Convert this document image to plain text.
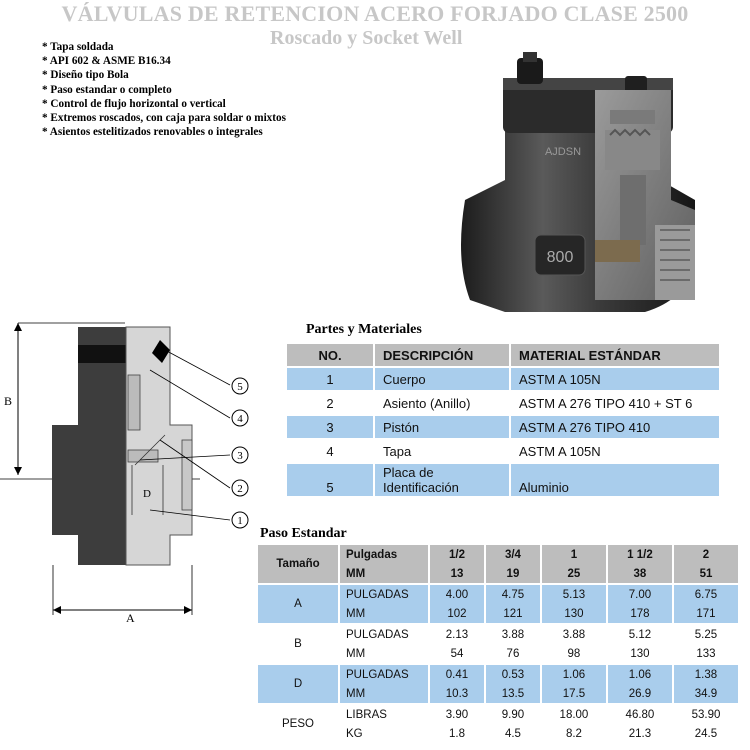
VÁLVULAS DE RETENCION ACERO FORJADO CLASE 2500
Roscado y Socket Well
* Tapa soldada
* API 602 & ASME B16.34
* Diseño tipo Bola
* Paso estandar o completo
* Control de flujo horizontal o vertical
* Extremos roscados, con caja para soldar o mixtos
* Asientos estelitizados renovables o integrales
800
AJDSN
B
A
D
5
4
3
2
1
Partes y Materiales
NO.	DESCRIPCIÓN	MATERIAL ESTÁNDAR
1	Cuerpo	ASTM A 105N
2	Asiento (Anillo)	ASTM A 276 TIPO 410 + ST 6
3	Pistón	ASTM A 276 TIPO 410
4	Tapa	ASTM A 105N
5	Placa de
Identificación	Aluminio
Paso Estandar
Tamaño	Pulgadas	1/2	3/4	1	1 1/2	2
	MM	13	19	25	38	51

A	PULGADAS	4.00	4.75	5.13	7.00	6.75
	MM	102	121	130	178	171

B	PULGADAS	2.13	3.88	3.88	5.12	5.25
	MM	54	76	98	130	133

D	PULGADAS	0.41	0.53	1.06	1.06	1.38
	MM	10.3	13.5	17.5	26.9	34.9

PESO	LIBRAS	3.90	9.90	18.00	46.80	53.90
	KG	1.8	4.5	8.2	21.3	24.5
